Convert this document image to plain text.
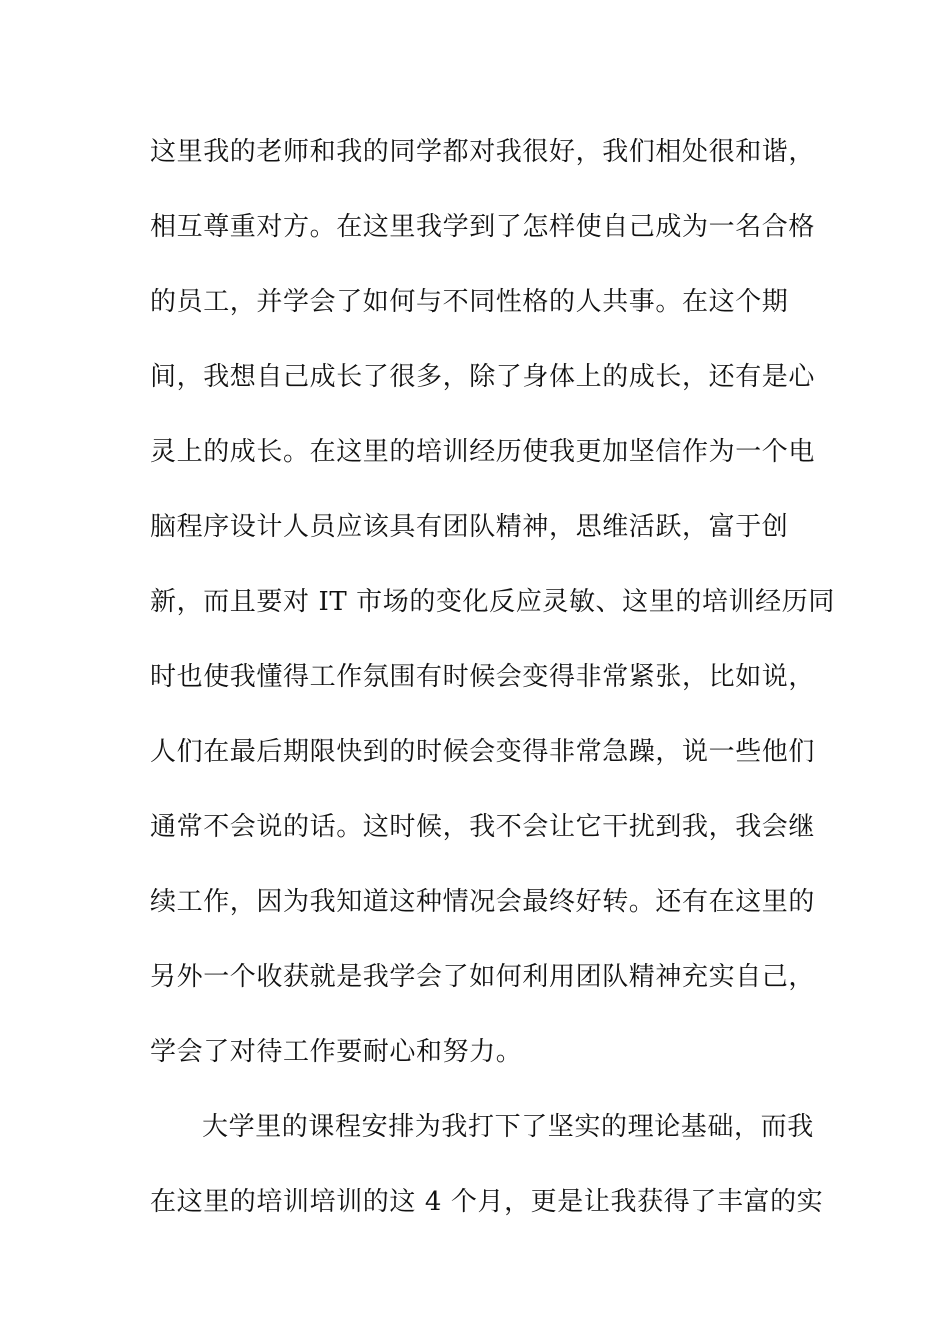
这里我的老师和我的同学都对我很好，我们相处很和谐，
相互尊重对方。在这里我学到了怎样使自己成为一名合格
的员工，并学会了如何与不同性格的人共事。在这个期
间，我想自己成长了很多，除了身体上的成长，还有是心
灵上的成长。在这里的培训经历使我更加坚信作为一个电
脑程序设计人员应该具有团队精神，思维活跃，富于创
新，而且要对 IT 市场的变化反应灵敏、这里的培训经历同
时也使我懂得工作氛围有时候会变得非常紧张，比如说，
人们在最后期限快到的时候会变得非常急躁，说一些他们
通常不会说的话。这时候，我不会让它干扰到我，我会继
续工作，因为我知道这种情况会最终好转。还有在这里的
另外一个收获就是我学会了如何利用团队精神充实自己，
学会了对待工作要耐心和努力。
大学里的课程安排为我打下了坚实的理论基础，而我
在这里的培训培训的这 4 个月，更是让我获得了丰富的实
